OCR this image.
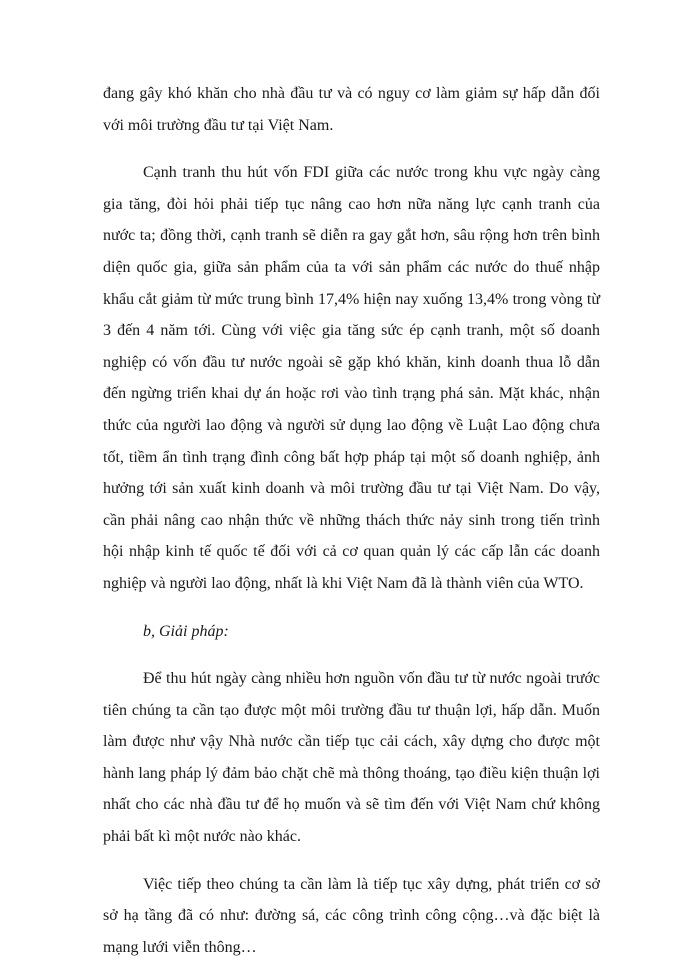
đang gây khó khăn cho nhà đầu tư và có nguy cơ làm giảm sự hấp dẫn đối với môi trường đầu tư tại Việt Nam.

Cạnh tranh thu hút vốn FDI giữa các nước trong khu vực ngày càng gia tăng, đòi hỏi phải tiếp tục nâng cao hơn nữa năng lực cạnh tranh của nước ta; đồng thời, cạnh tranh sẽ diễn ra gay gắt hơn, sâu rộng hơn trên bình diện quốc gia, giữa sản phẩm của ta với sản phẩm các nước do thuế nhập khẩu cắt giảm từ mức trung bình 17,4% hiện nay xuống 13,4% trong vòng từ 3 đến 4 năm tới. Cùng với việc gia tăng sức ép cạnh tranh, một số doanh nghiệp có vốn đầu tư nước ngoài sẽ gặp khó khăn, kinh doanh thua lỗ dẫn đến ngừng triển khai dự án hoặc rơi vào tình trạng phá sản. Mặt khác, nhận thức của người lao động và người sử dụng lao động về Luật Lao động chưa tốt, tiềm ẩn tình trạng đình công bất hợp pháp tại một số doanh nghiệp, ảnh hưởng tới sản xuất kinh doanh và môi trường đầu tư tại Việt Nam. Do vậy, cần phải nâng cao nhận thức về những thách thức nảy sinh trong tiến trình hội nhập kinh tế quốc tế đối với cả cơ quan quản lý các cấp lẫn các doanh nghiệp và người lao động, nhất là khi Việt Nam đã là thành viên của WTO.

b, Giải pháp:

Để thu hút ngày càng nhiều hơn nguồn vốn đầu tư từ nước ngoài trước tiên chúng ta cần tạo được một môi trường đầu tư thuận lợi, hấp dẫn. Muốn làm được như vậy Nhà nước cần tiếp tục cải cách, xây dựng cho được một hành lang pháp lý đảm bảo chặt chẽ mà thông thoáng, tạo điều kiện thuận lợi nhất cho các nhà đầu tư để họ muốn và sẽ tìm đến với Việt Nam chứ không phải bất kì một nước nào khác.

Việc tiếp theo chúng ta cần làm là tiếp tục xây dựng, phát triển cơ sở sở hạ tầng đã có như: đường sá, các công trình công cộng…và đặc biệt là mạng lưới viễn thông…
